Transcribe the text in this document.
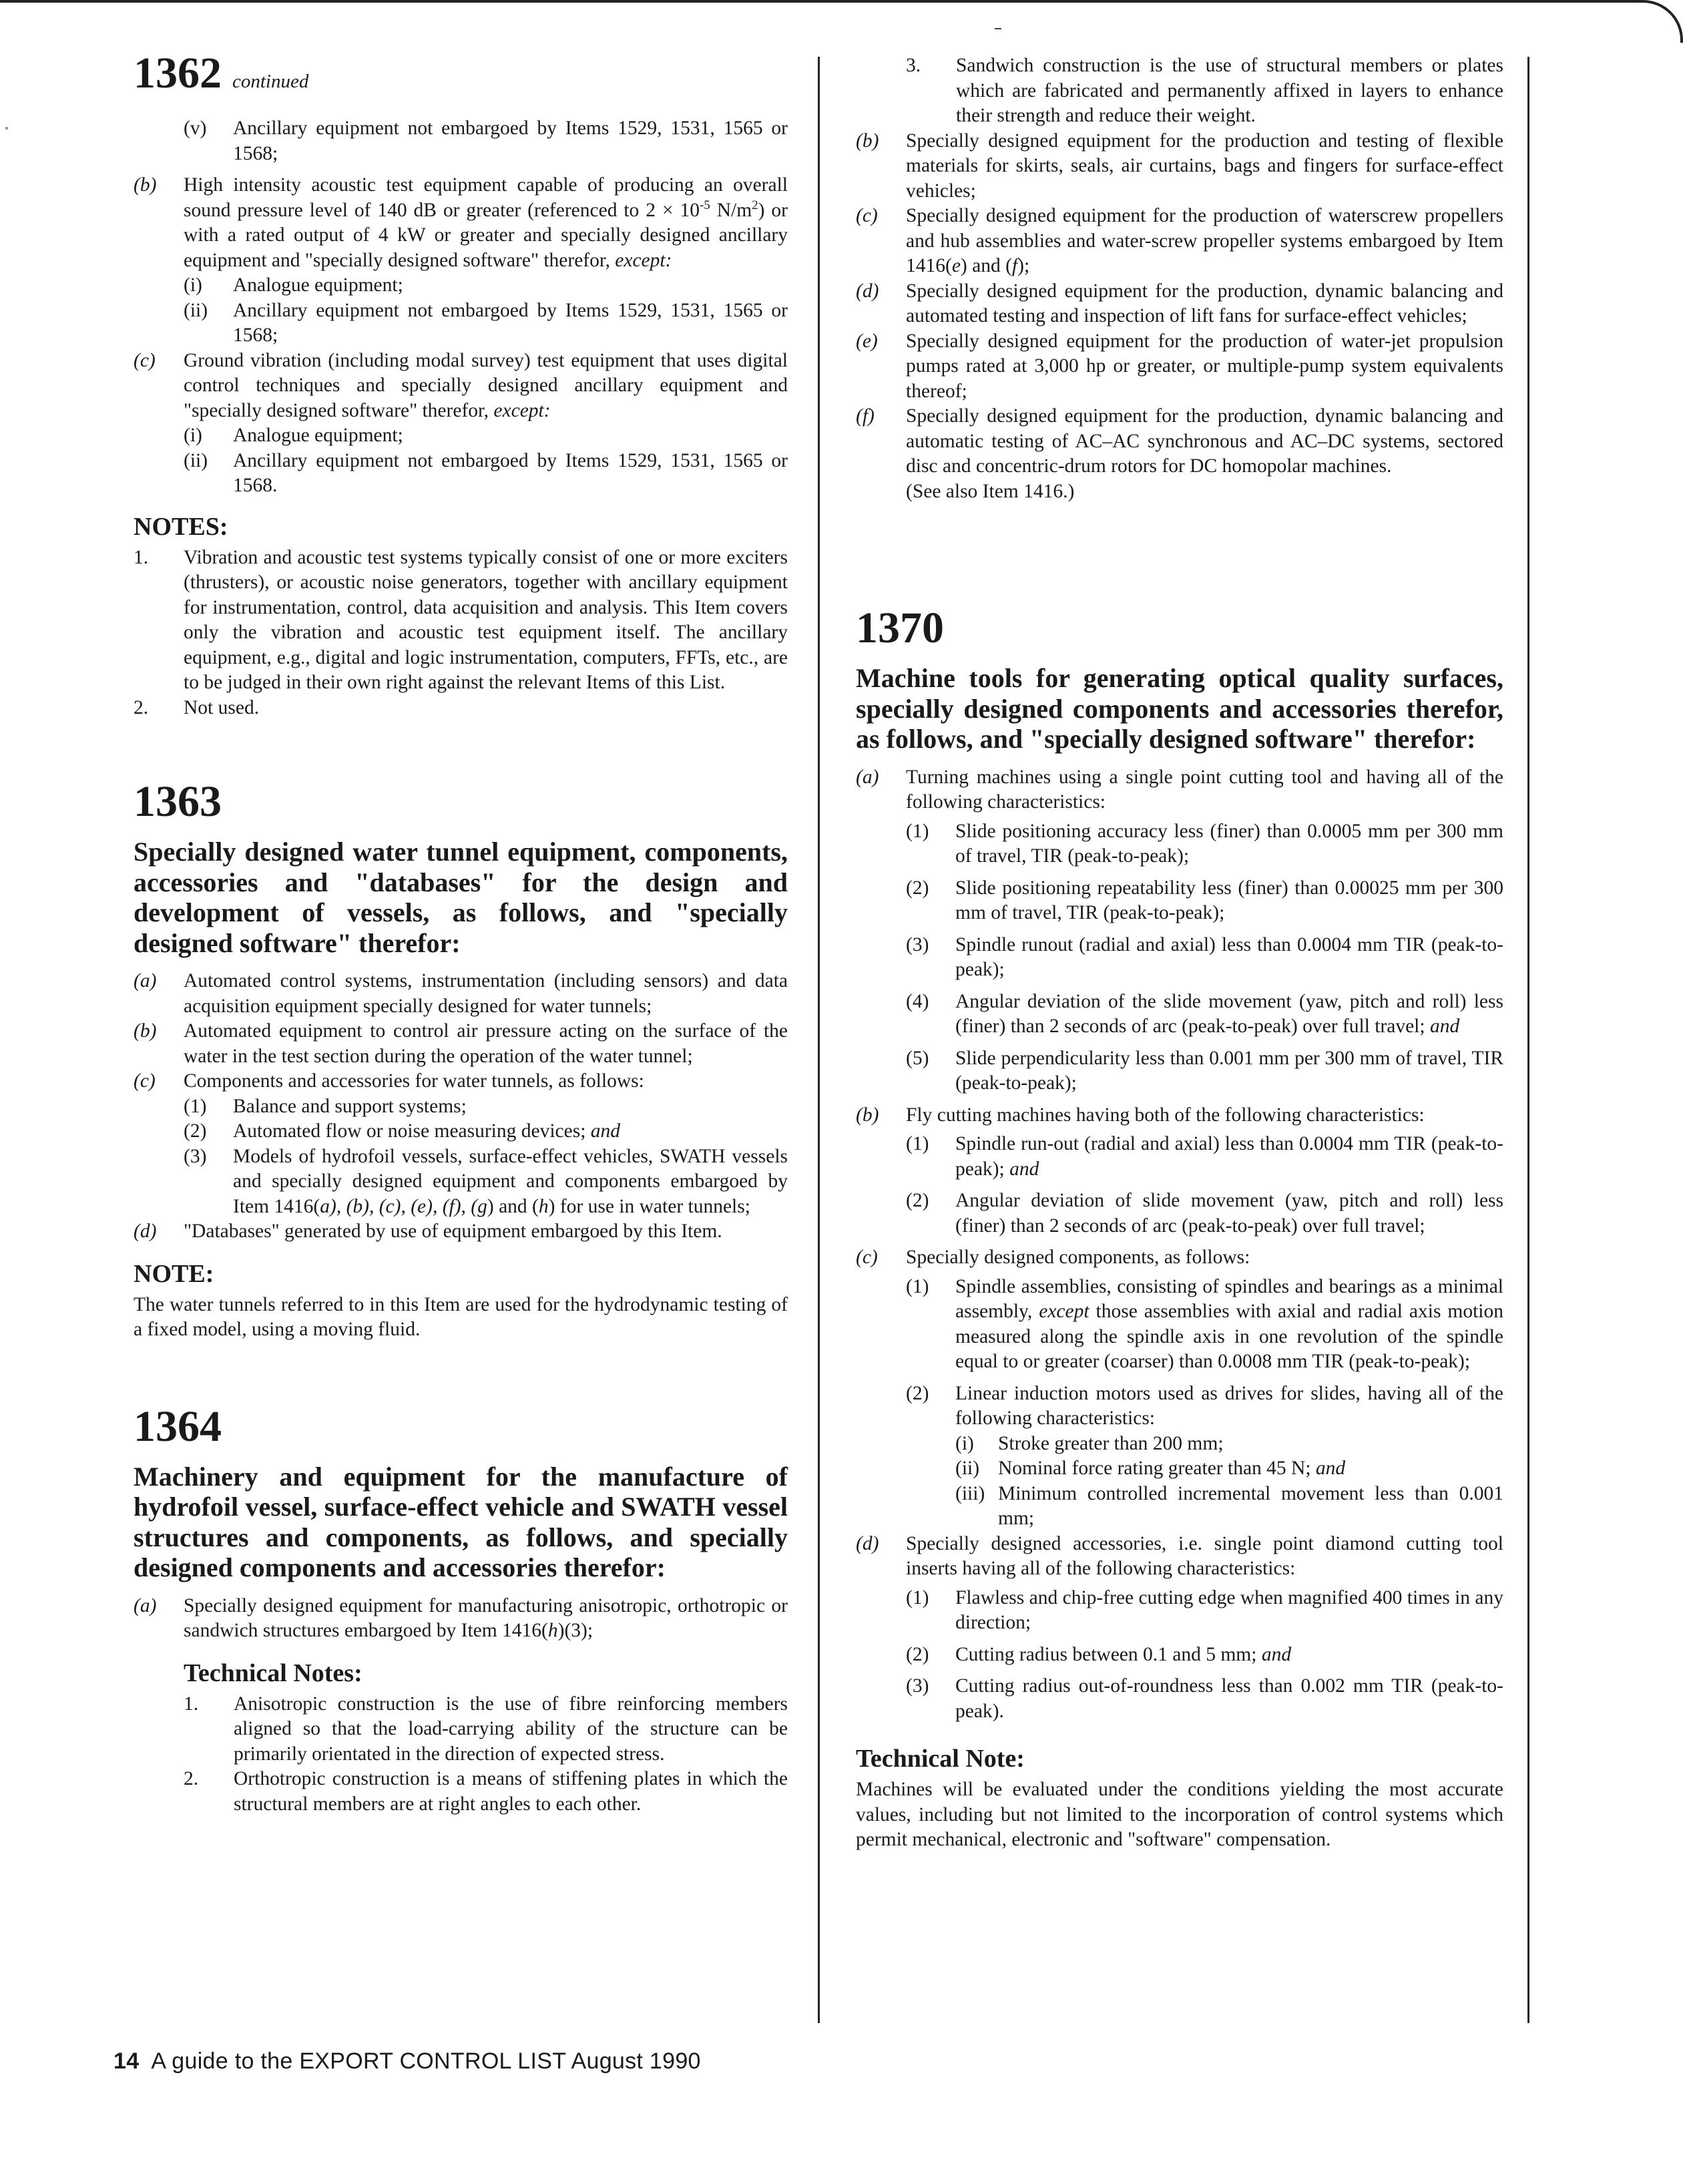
1362 continued
(v)	Ancillary equipment not embargoed by Items 1529, 1531, 1565 or 1568;
(b)	High intensity acoustic test equipment capable of producing an overall sound pressure level of 140 dB or greater (referenced to $2 \times 10^{-5}$ $N/m^2$) or with a rated output of 4 kW or greater and specially designed ancillary equipment and "specially designed software" therefor, except:
(i)	Analogue equipment;
(ii)	Ancillary equipment not embargoed by Items 1529, 1531, 1565 or 1568;
(c)	Ground vibration (including modal survey) test equipment that uses digital control techniques and specially designed ancillary equipment and "specially designed software" therefor, except:
(i)	Analogue equipment;
(ii)	Ancillary equipment not embargoed by Items 1529, 1531, 1565 or 1568.
NOTES:
1.	Vibration and acoustic test systems typically consist of one or more exciters (thrusters), or acoustic noise generators, together with ancillary equipment for instrumentation, control, data acquisition and analysis. This Item covers only the vibration and acoustic test equipment itself. The ancillary equipment, e.g., digital and logic instrumentation, computers, FFTs, etc., are to be judged in their own right against the relevant Items of this List.
2.	Not used.
1363
Specially designed water tunnel equipment, components, accessories and "databases" for the design and development of vessels, as follows, and "specially designed software" therefor:
(a)	Automated control systems, instrumentation (including sensors) and data acquisition equipment specially designed for water tunnels;
(b)	Automated equipment to control air pressure acting on the surface of the water in the test section during the operation of the water tunnel;
(c)	Components and accessories for water tunnels, as follows:
(1)	Balance and support systems;
(2)	Automated flow or noise measuring devices; and
(3)	Models of hydrofoil vessels, surface-effect vehicles, SWATH vessels and specially designed equipment and components embargoed by Item 1416(a), (b), (c), (e), (f), (g) and (h) for use in water tunnels;
(d)	"Databases" generated by use of equipment embargoed by this Item.
NOTE:
The water tunnels referred to in this Item are used for the hydrodynamic testing of a fixed model, using a moving fluid.
1364
Machinery and equipment for the manufacture of hydrofoil vessel, surface-effect vehicle and SWATH vessel structures and components, as follows, and specially designed components and accessories therefor:
(a)	Specially designed equipment for manufacturing anisotropic, orthotropic or sandwich structures embargoed by Item 1416(h)(3);
Technical Notes:
1.	Anisotropic construction is the use of fibre reinforcing members aligned so that the load-carrying ability of the structure can be primarily orientated in the direction of expected stress.
2.	Orthotropic construction is a means of stiffening plates in which the structural members are at right angles to each other.
3.	Sandwich construction is the use of structural members or plates which are fabricated and permanently affixed in layers to enhance their strength and reduce their weight.
(b)	Specially designed equipment for the production and testing of flexible materials for skirts, seals, air curtains, bags and fingers for surface-effect vehicles;
(c)	Specially designed equipment for the production of waterscrew propellers and hub assemblies and water-screw propeller systems embargoed by Item 1416(e) and (f);
(d)	Specially designed equipment for the production, dynamic balancing and automated testing and inspection of lift fans for surface-effect vehicles;
(e)	Specially designed equipment for the production of water-jet propulsion pumps rated at 3,000 hp or greater, or multiple-pump system equivalents thereof;
(f)	Specially designed equipment for the production, dynamic balancing and automatic testing of AC–AC synchronous and AC–DC systems, sectored disc and concentric-drum rotors for DC homopolar machines.
(See also Item 1416.)
1370
Machine tools for generating optical quality surfaces, specially designed components and accessories therefor, as follows, and "specially designed software" therefor:
(a)	Turning machines using a single point cutting tool and having all of the following characteristics:
(1)	Slide positioning accuracy less (finer) than 0.0005 mm per 300 mm of travel, TIR (peak-to-peak);
(2)	Slide positioning repeatability less (finer) than 0.00025 mm per 300 mm of travel, TIR (peak-to-peak);
(3)	Spindle runout (radial and axial) less than 0.0004 mm TIR (peak-to-peak);
(4)	Angular deviation of the slide movement (yaw, pitch and roll) less (finer) than 2 seconds of arc (peak-to-peak) over full travel; and
(5)	Slide perpendicularity less than 0.001 mm per 300 mm of travel, TIR (peak-to-peak);
(b)	Fly cutting machines having both of the following characteristics:
(1)	Spindle run-out (radial and axial) less than 0.0004 mm TIR (peak-to-peak); and
(2)	Angular deviation of slide movement (yaw, pitch and roll) less (finer) than 2 seconds of arc (peak-to-peak) over full travel;
(c)	Specially designed components, as follows:
(1)	Spindle assemblies, consisting of spindles and bearings as a minimal assembly, except those assemblies with axial and radial axis motion measured along the spindle axis in one revolution of the spindle equal to or greater (coarser) than 0.0008 mm TIR (peak-to-peak);
(2)	Linear induction motors used as drives for slides, having all of the following characteristics:
(i)	Stroke greater than 200 mm;
(ii) Nominal force rating greater than 45 N; and
(iii) Minimum controlled incremental movement less than 0.001 mm;
(d)	Specially designed accessories, i.e. single point diamond cutting tool inserts having all of the following characteristics:
(1)	Flawless and chip-free cutting edge when magnified 400 times in any direction;
(2)	Cutting radius between 0.1 and 5 mm; and
(3)	Cutting radius out-of-roundness less than 0.002 mm TIR (peak-to-peak).
Technical Note:
Machines will be evaluated under the conditions yielding the most accurate values, including but not limited to the incorporation of control systems which permit mechanical, electronic and "software" compensation.
14 A guide to the EXPORT CONTROL LIST August 1990
